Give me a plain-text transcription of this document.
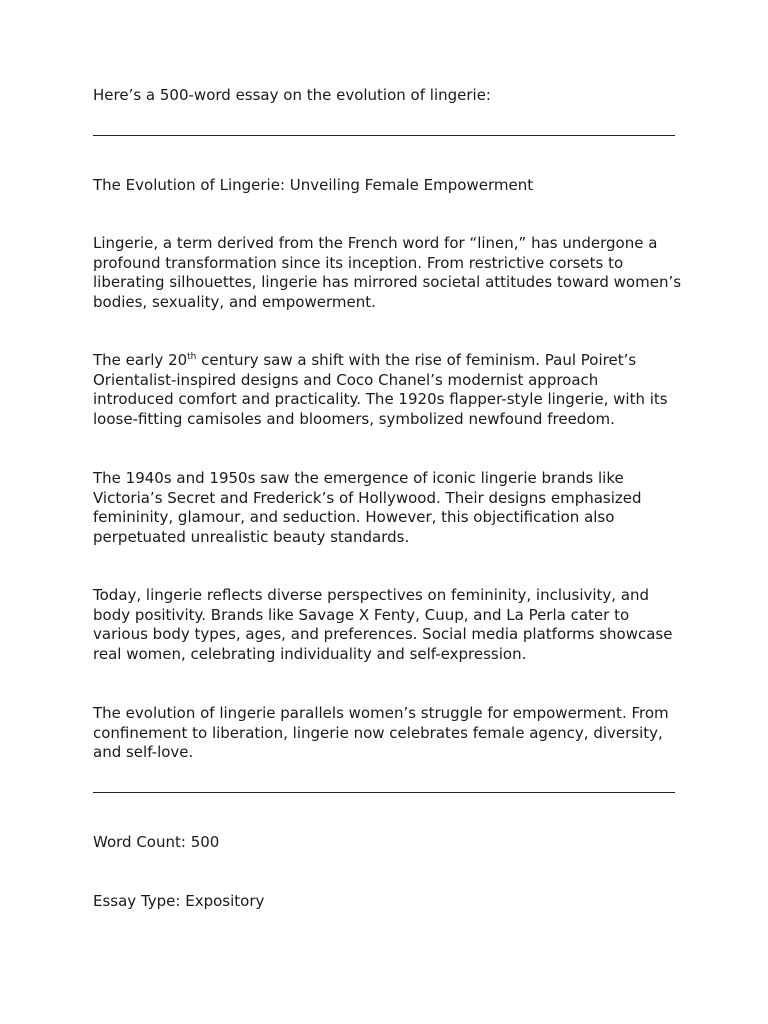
Here’s a 500-word essay on the evolution of lingerie:

The Evolution of Lingerie: Unveiling Female Empowerment

Lingerie, a term derived from the French word for “linen,” has undergone a profound transformation since its inception. From restrictive corsets to liberating silhouettes, lingerie has mirrored societal attitudes toward women’s bodies, sexuality, and empowerment.

The early 20th century saw a shift with the rise of feminism. Paul Poiret’s Orientalist-inspired designs and Coco Chanel’s modernist approach introduced comfort and practicality. The 1920s flapper-style lingerie, with its loose-fitting camisoles and bloomers, symbolized newfound freedom.

The 1940s and 1950s saw the emergence of iconic lingerie brands like Victoria’s Secret and Frederick’s of Hollywood. Their designs emphasized femininity, glamour, and seduction. However, this objectification also perpetuated unrealistic beauty standards.

Today, lingerie reflects diverse perspectives on femininity, inclusivity, and body positivity. Brands like Savage X Fenty, Cuup, and La Perla cater to various body types, ages, and preferences. Social media platforms showcase real women, celebrating individuality and self-expression.

The evolution of lingerie parallels women’s struggle for empowerment. From confinement to liberation, lingerie now celebrates female agency, diversity, and self-love.

Word Count: 500

Essay Type: Expository
